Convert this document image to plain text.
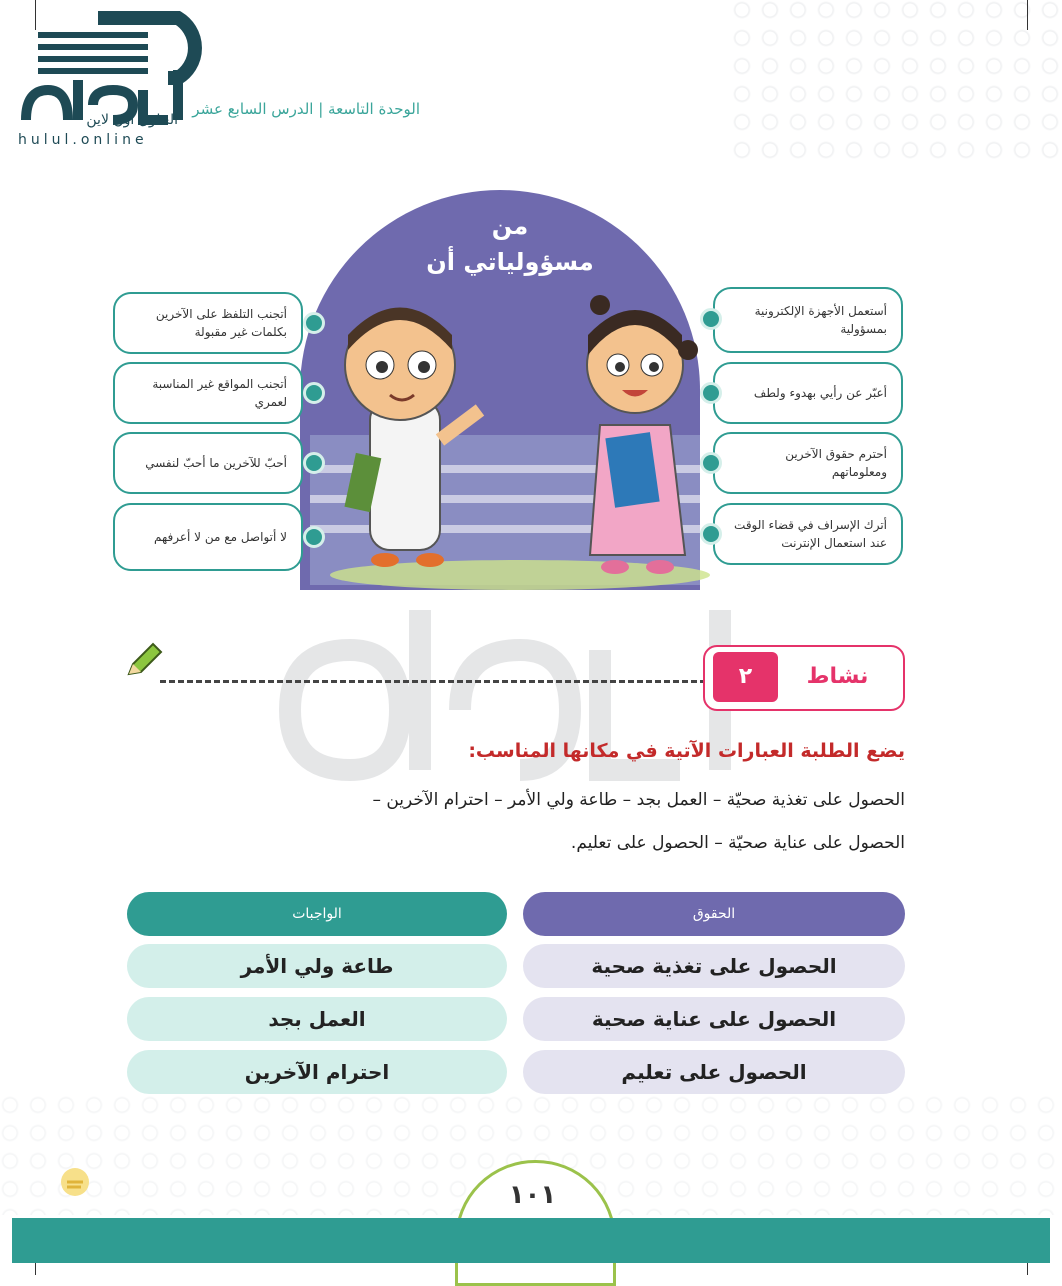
الحلول اون لاين
hulul.online
الوحدة التاسعة | الدرس السابع عشر
من
مسؤولياتي أن
أتجنب التلفظ على الآخرين بكلمات غير مقبولة
أتجنب المواقع غير المناسبة لعمري
أحبّ للآخرين ما أحبّ لنفسي
لا أتواصل مع من لا أعرفهم
أستعمل الأجهزة الإلكترونية بمسؤولية
أعبّر عن رأيي بهدوء ولطف
أحترم حقوق الآخرين ومعلوماتهم
أترك الإسراف في قضاء الوقت عند استعمال الإنترنت
نشاط
٢
يضع الطلبة العبارات الآتية في مكانها المناسب:
الحصول على تغذية صحيّة – العمل بجد – طاعة ولي الأمر – احترام الآخرين –
الحصول على عناية صحيّة – الحصول على تعليم.
الحقوق
الواجبات
الحصول على تغذية صحية
الحصول على عناية صحية
الحصول على تعليم
طاعة ولي الأمر
العمل بجد
احترام الآخرين
١٠١
